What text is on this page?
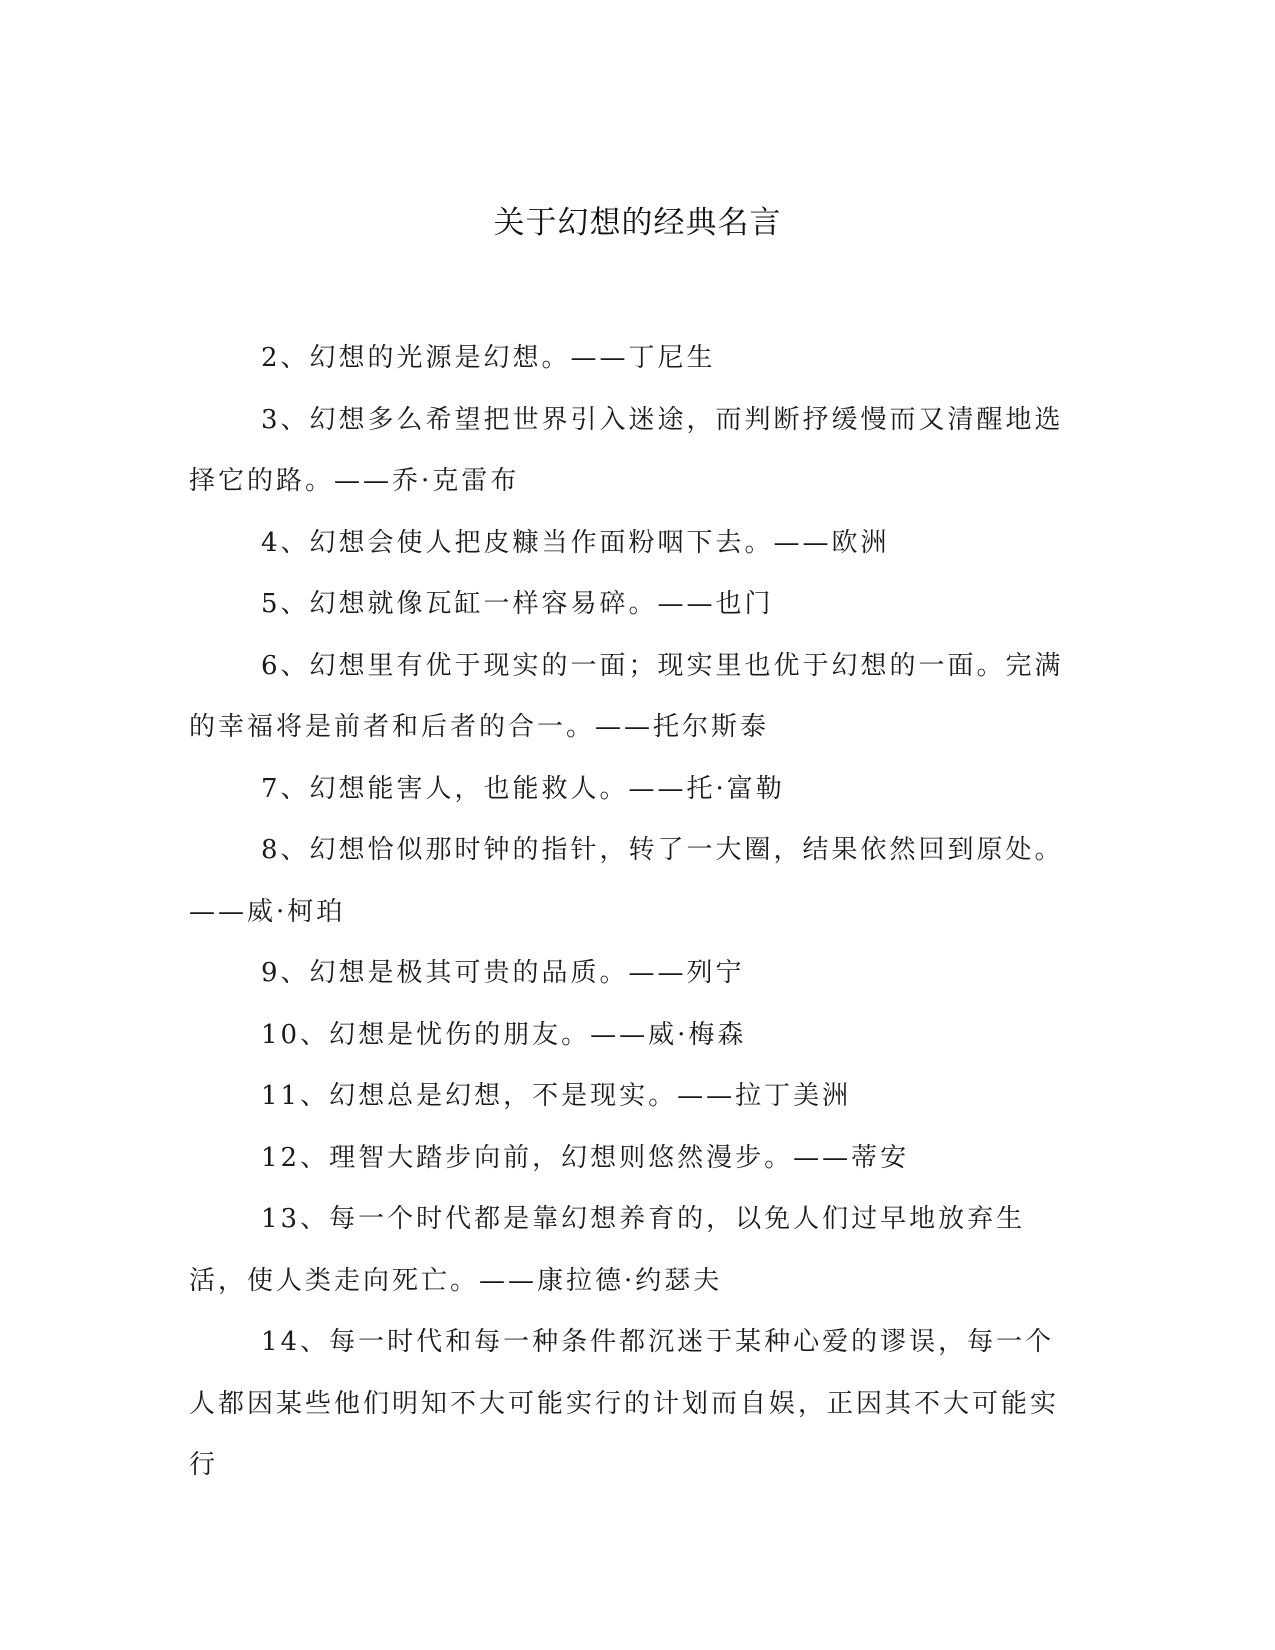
关于幻想的经典名言

2、幻想的光源是幻想。——丁尼生

3、幻想多么希望把世界引入迷途，而判断抒缓慢而又清醒地选择它的路。——乔·克雷布

4、幻想会使人把皮糠当作面粉咽下去。——欧洲

5、幻想就像瓦缸一样容易碎。——也门

6、幻想里有优于现实的一面；现实里也优于幻想的一面。完满的幸福将是前者和后者的合一。——托尔斯泰

7、幻想能害人，也能救人。——托·富勒

8、幻想恰似那时钟的指针，转了一大圈，结果依然回到原处。——威·柯珀

9、幻想是极其可贵的品质。——列宁

10、幻想是忧伤的朋友。——威·梅森

11、幻想总是幻想，不是现实。——拉丁美洲

12、理智大踏步向前，幻想则悠然漫步。——蒂安

13、每一个时代都是靠幻想养育的，以免人们过早地放弃生活，使人类走向死亡。——康拉德·约瑟夫

14、每一时代和每一种条件都沉迷于某种心爱的谬误，每一个人都因某些他们明知不大可能实行的计划而自娱，正因其不大可能实行
